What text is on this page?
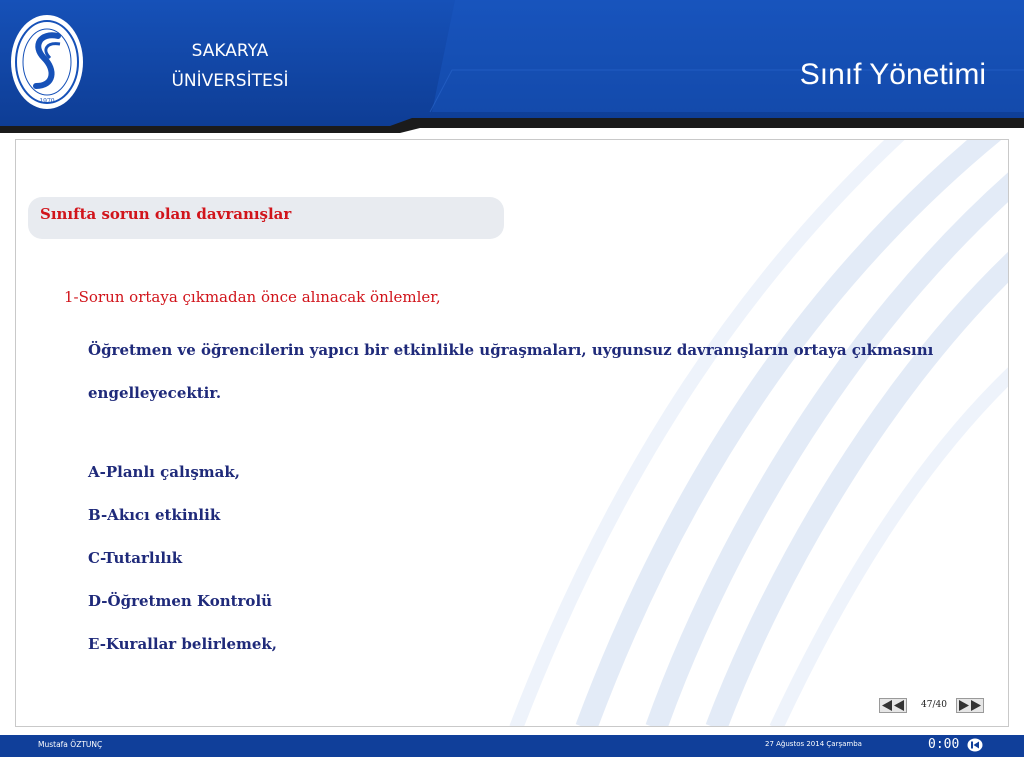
1970
SAKARYA
ÜNİVERSİTESİ	Sınıf Yönetimi
Sınıfta sorun olan davranışlar
1-Sorun ortaya çıkmadan önce alınacak önlemler,
Öğretmen ve öğrencilerin yapıcı bir etkinlikle uğraşmaları, uygunsuz davranışların ortaya çıkmasını engelleyecektir.
A-Planlı çalışmak,
B-Akıcı etkinlik
C-Tutarlılık
D-Öğretmen Kontrolü
E-Kurallar belirlemek,
47/40
Mustafa ÖZTUNÇ	27 Ağustos 2014 Çarşamba	0:00
